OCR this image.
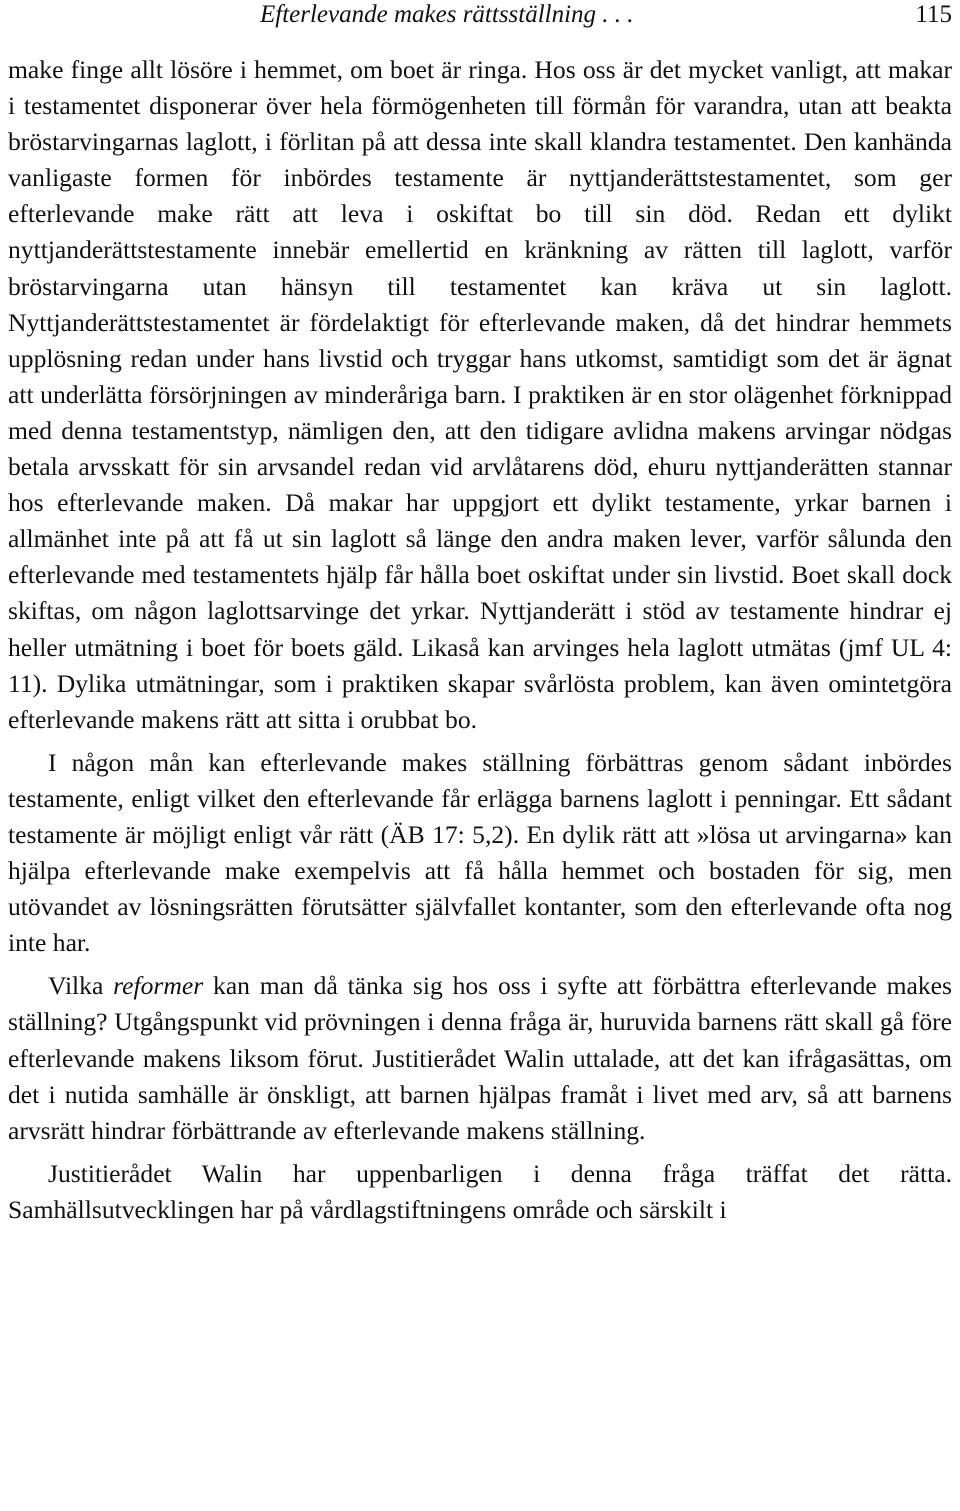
Efterlevande makes rättsställning . . .	115

make finge allt lösöre i hemmet, om boet är ringa. Hos oss är det mycket vanligt, att makar i testamentet disponerar över hela förmögenheten till förmån för varandra, utan att beakta bröstarvingarnas laglott, i förlitan på att dessa inte skall klandra testamentet. Den kanhända vanligaste formen för inbördes testamente är nyttjanderättstestamentet, som ger efterlevande make rätt att leva i oskiftat bo till sin död. Redan ett dylikt nyttjanderättstestamente innebär emellertid en kränkning av rätten till laglott, varför bröstarvingarna utan hänsyn till testamentet kan kräva ut sin laglott. Nyttjanderättstestamentet är fördelaktigt för efterlevande maken, då det hindrar hemmets upplösning redan under hans livstid och tryggar hans utkomst, samtidigt som det är ägnat att underlätta försörjningen av minderåriga barn. I praktiken är en stor olägenhet förknippad med denna testamentstyp, nämligen den, att den tidigare avlidna makens arvingar nödgas betala arvsskatt för sin arvsandel redan vid arvlåtarens död, ehuru nyttjanderätten stannar hos efterlevande maken. Då makar har uppgjort ett dylikt testamente, yrkar barnen i allmänhet inte på att få ut sin laglott så länge den andra maken lever, varför sålunda den efterlevande med testamentets hjälp får hålla boet oskiftat under sin livstid. Boet skall dock skiftas, om någon laglottsarvinge det yrkar. Nyttjanderätt i stöd av testamente hindrar ej heller utmätning i boet för boets gäld. Likaså kan arvinges hela laglott utmätas (jmf UL 4: 11). Dylika utmätningar, som i praktiken skapar svårlösta problem, kan även omintetgöra efterlevande makens rätt att sitta i orubbat bo.

I någon mån kan efterlevande makes ställning förbättras genom sådant inbördes testamente, enligt vilket den efterlevande får erlägga barnens laglott i penningar. Ett sådant testamente är möjligt enligt vår rätt (ÄB 17: 5,2). En dylik rätt att »lösa ut arvingarna» kan hjälpa efterlevande make exempelvis att få hålla hemmet och bostaden för sig, men utövandet av lösningsrätten förutsätter självfallet kontanter, som den efterlevande ofta nog inte har.

Vilka reformer kan man då tänka sig hos oss i syfte att förbättra efterlevande makes ställning? Utgångspunkt vid prövningen i denna fråga är, huruvida barnens rätt skall gå före efterlevande makens liksom förut. Justitierådet Walin uttalade, att det kan ifrågasättas, om det i nutida samhälle är önskligt, att barnen hjälpas framåt i livet med arv, så att barnens arvsrätt hindrar förbättrande av efterlevande makens ställning.

Justitierådet Walin har uppenbarligen i denna fråga träffat det rätta. Samhällsutvecklingen har på vårdlagstiftningens område och särskilt i
